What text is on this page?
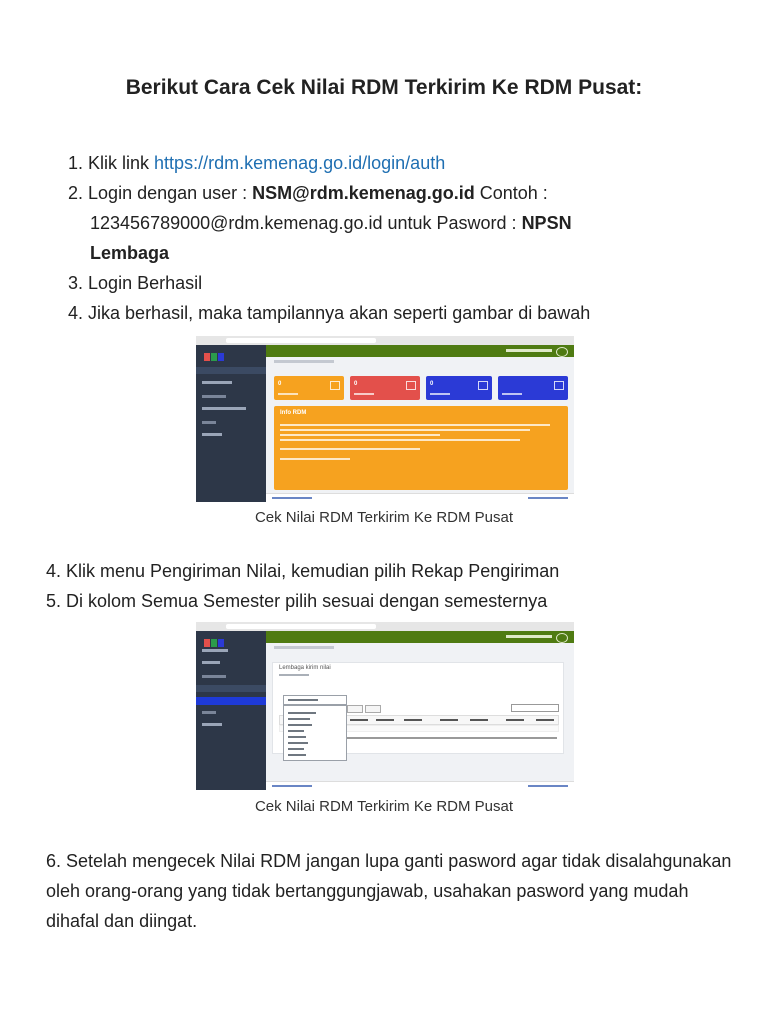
Berikut Cara Cek Nilai RDM Terkirim Ke RDM Pusat:
1. Klik link https://rdm.kemenag.go.id/login/auth
2. Login dengan user : NSM@rdm.kemenag.go.id Contoh :
123456789000@rdm.kemenag.go.id untuk Pasword : NPSN
Lembaga
3. Login Berhasil
4. Jika berhasil, maka tampilannya akan seperti gambar di bawah
0	0	0
Info RDM
Cek Nilai RDM Terkirim Ke RDM Pusat
4. Klik menu Pengiriman Nilai, kemudian pilih Rekap Pengiriman
5. Di kolom Semua Semester pilih sesuai dengan semesternya
Lembaga kirim nilai
Cek Nilai RDM Terkirim Ke RDM Pusat
6. Setelah mengecek Nilai RDM jangan lupa ganti pasword agar tidak disalahgunakan oleh orang-orang yang tidak bertanggungjawab, usahakan pasword yang mudah dihafal dan diingat.
